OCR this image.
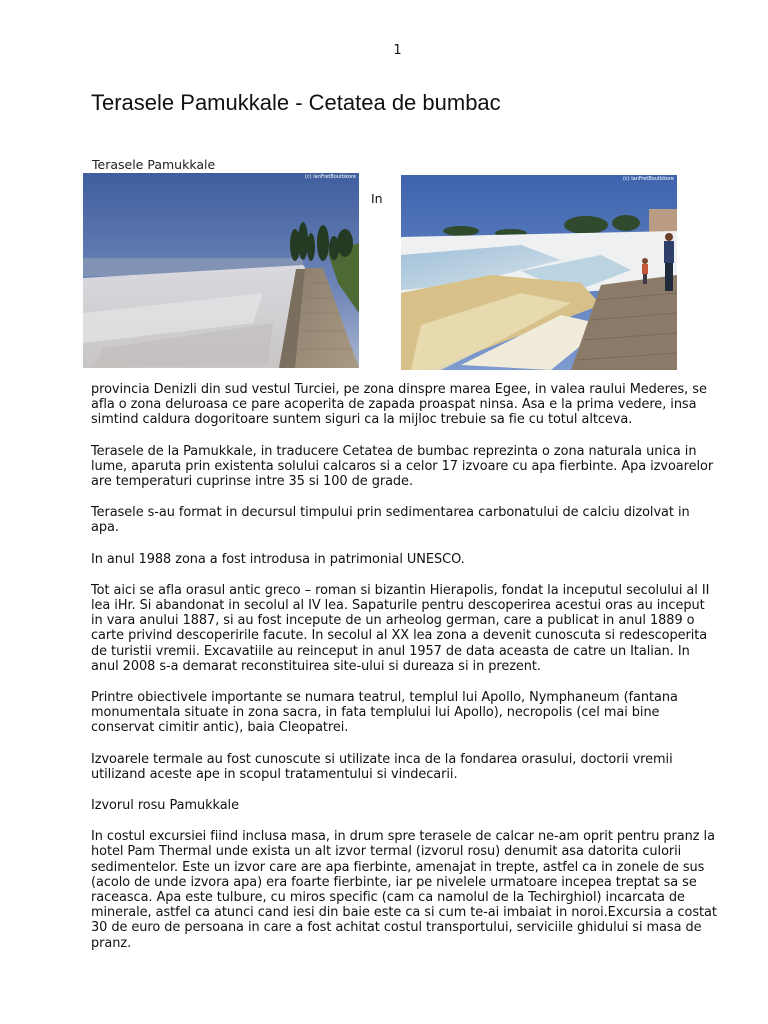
1
Terasele Pamukkale - Cetatea de bumbac
Terasele Pamukkale
(c) IanFretBoutbkore
In
(c) IanFretBoutbkore

provincia Denizli din sud vestul Turciei, pe zona dinspre marea Egee, in valea raului Mederes, se afla o zona deluroasa ce pare acoperita de zapada proaspat ninsa. Asa e la prima vedere, insa simtind caldura dogoritoare suntem siguri ca la mijloc trebuie sa fie cu totul altceva.

Terasele de la Pamukkale, in traducere Cetatea de bumbac reprezinta o zona naturala unica in lume, aparuta prin existenta solului calcaros si a celor 17 izvoare cu apa fierbinte. Apa izvoarelor are temperaturi cuprinse intre 35 si 100 de grade.

Terasele s-au format in decursul timpului prin sedimentarea carbonatului de calciu dizolvat in apa.

In anul 1988 zona a fost introdusa in patrimonial UNESCO.

Tot aici se afla orasul antic greco – roman si bizantin Hierapolis, fondat la inceputul secolului al II lea iHr. Si abandonat in secolul al IV lea. Sapaturile pentru descoperirea acestui oras au inceput in vara anului 1887, si au fost incepute de un arheolog german, care a publicat in anul 1889 o carte privind descoperirile facute. In secolul al XX lea zona a devenit cunoscuta si redescoperita de turistii vremii. Excavatiile au reinceput in anul 1957 de data aceasta de catre un Italian. In anul 2008 s-a demarat reconstituirea site-ului si dureaza si in prezent.

Printre obiectivele importante se numara teatrul, templul lui Apollo, Nymphaneum (fantana monumentala situate in zona sacra, in fata templului lui Apollo), necropolis (cel mai bine conservat cimitir antic), baia Cleopatrei.

Izvoarele termale au fost cunoscute si utilizate inca de la fondarea orasului, doctorii vremii utilizand aceste ape in scopul tratamentului si vindecarii.

Izvorul rosu Pamukkale

In costul excursiei fiind inclusa masa, in drum spre terasele de calcar ne-am oprit pentru pranz la hotel Pam Thermal unde exista un alt izvor termal (izvorul rosu) denumit asa datorita culorii sedimentelor. Este un izvor care are apa fierbinte, amenajat in trepte, astfel ca in zonele de sus (acolo de unde izvora apa) era foarte fierbinte, iar pe nivelele urmatoare incepea treptat sa se raceasca. Apa este tulbure, cu miros specific (cam ca namolul de la Techirghiol) incarcata de minerale, astfel ca atunci cand iesi din baie este ca si cum te-ai imbaiat in noroi.Excursia a costat 30 de euro de persoana in care a fost achitat costul transportului, serviciile ghidului si masa de pranz.
